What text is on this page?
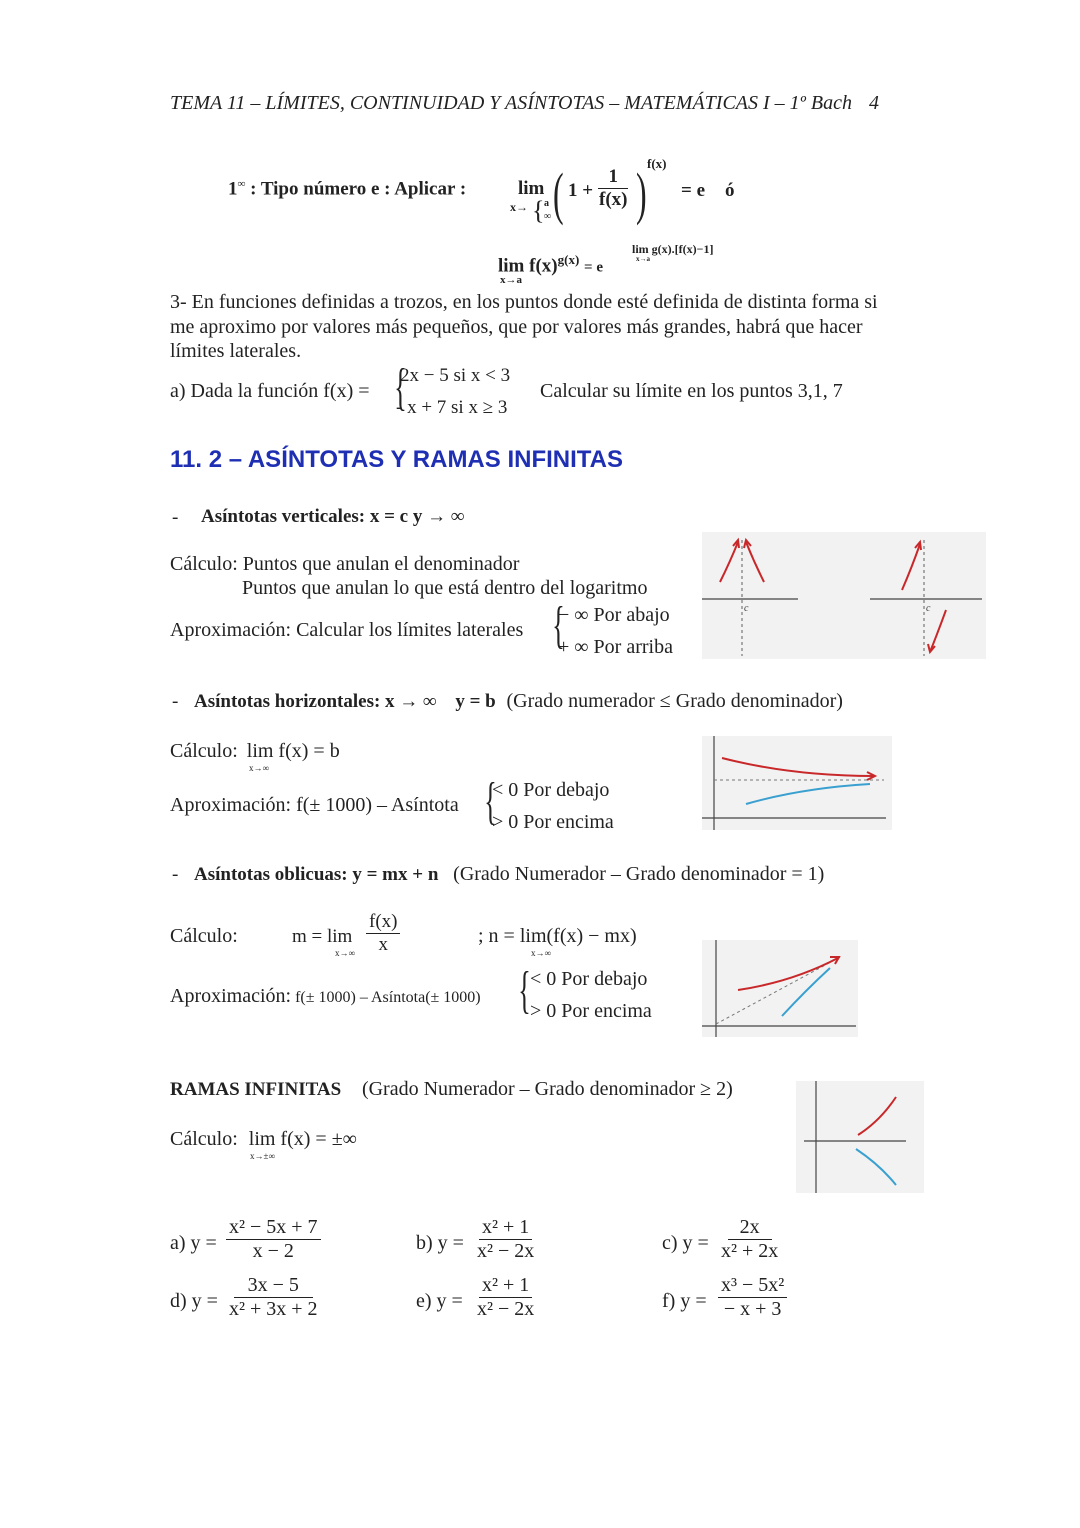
TEMA 11 – LÍMITES, CONTINUIDAD Y ASÍNTOTAS – MATEMÁTICAS I – 1º Bach 4
1∞ : Tipo número e : Aplicar :	lim
x→ { a
∞ ( $1 + \frac{1}{f(x)}$ ) f(x)
= e ó
$\lim f(x)^{g(x)} = e$
lim g(x).[f(x)−1]
x→a
x→a
3- En funciones definidas a trozos, en los puntos donde esté definida de distinta forma si
me aproximo por valores más pequeños, que por valores más grandes, habrá que hacer
límites laterales.
a) Dada la función f(x) = {
2x − 5 si x < 3
- x + 7 si x ≥ 3
Calcular su límite en los puntos 3,1, 7
11. 2 – ASÍNTOTAS Y RAMAS INFINITAS
- Asíntotas verticales: x = c y → ∞
Cálculo: Puntos que anulan el denominador
Puntos que anulan lo que está dentro del logaritmo
Aproximación: Calcular los límites laterales {
− ∞ Por abajo
+ ∞ Por arriba
c	c
- Asíntotas horizontales: x → ∞ y = b (Grado numerador ≤ Grado denominador)
Cálculo: lim f(x) = b
x→∞
Aproximación: f(± 1000) – Asíntota {
< 0 Por debajo
> 0 Por encima
- Asíntotas oblicuas: y = mx + n (Grado Numerador – Grado denominador = 1)
Cálculo:	$m = \lim \frac{f(x)}{x}$
x→∞
; n = lim(f(x) − mx)
x→∞
Aproximación: f(± 1000) – Asíntota(± 1000) { < 0 Por debajo
> 0 Por encima
RAMAS INFINITAS (Grado Numerador – Grado denominador ≥ 2)
Cálculo: lim f(x) = ±∞
x→±∞
a) $y = \frac{\text{x² − 5x + 7}}{x - 2}$	b) $y = \frac{\text{x² + 1}}{\text{x² − 2x}}$	c) $y = \frac{2x}{\text{x² + 2x}}$
d) $y = \frac{3x - 5}{\text{x² + 3x + 2}}$	e) $y = \frac{\text{x² + 1}}{\text{x² − 2x}}$	f) $y = \frac{\text{x³ − 5x²}}{- x + 3}$
